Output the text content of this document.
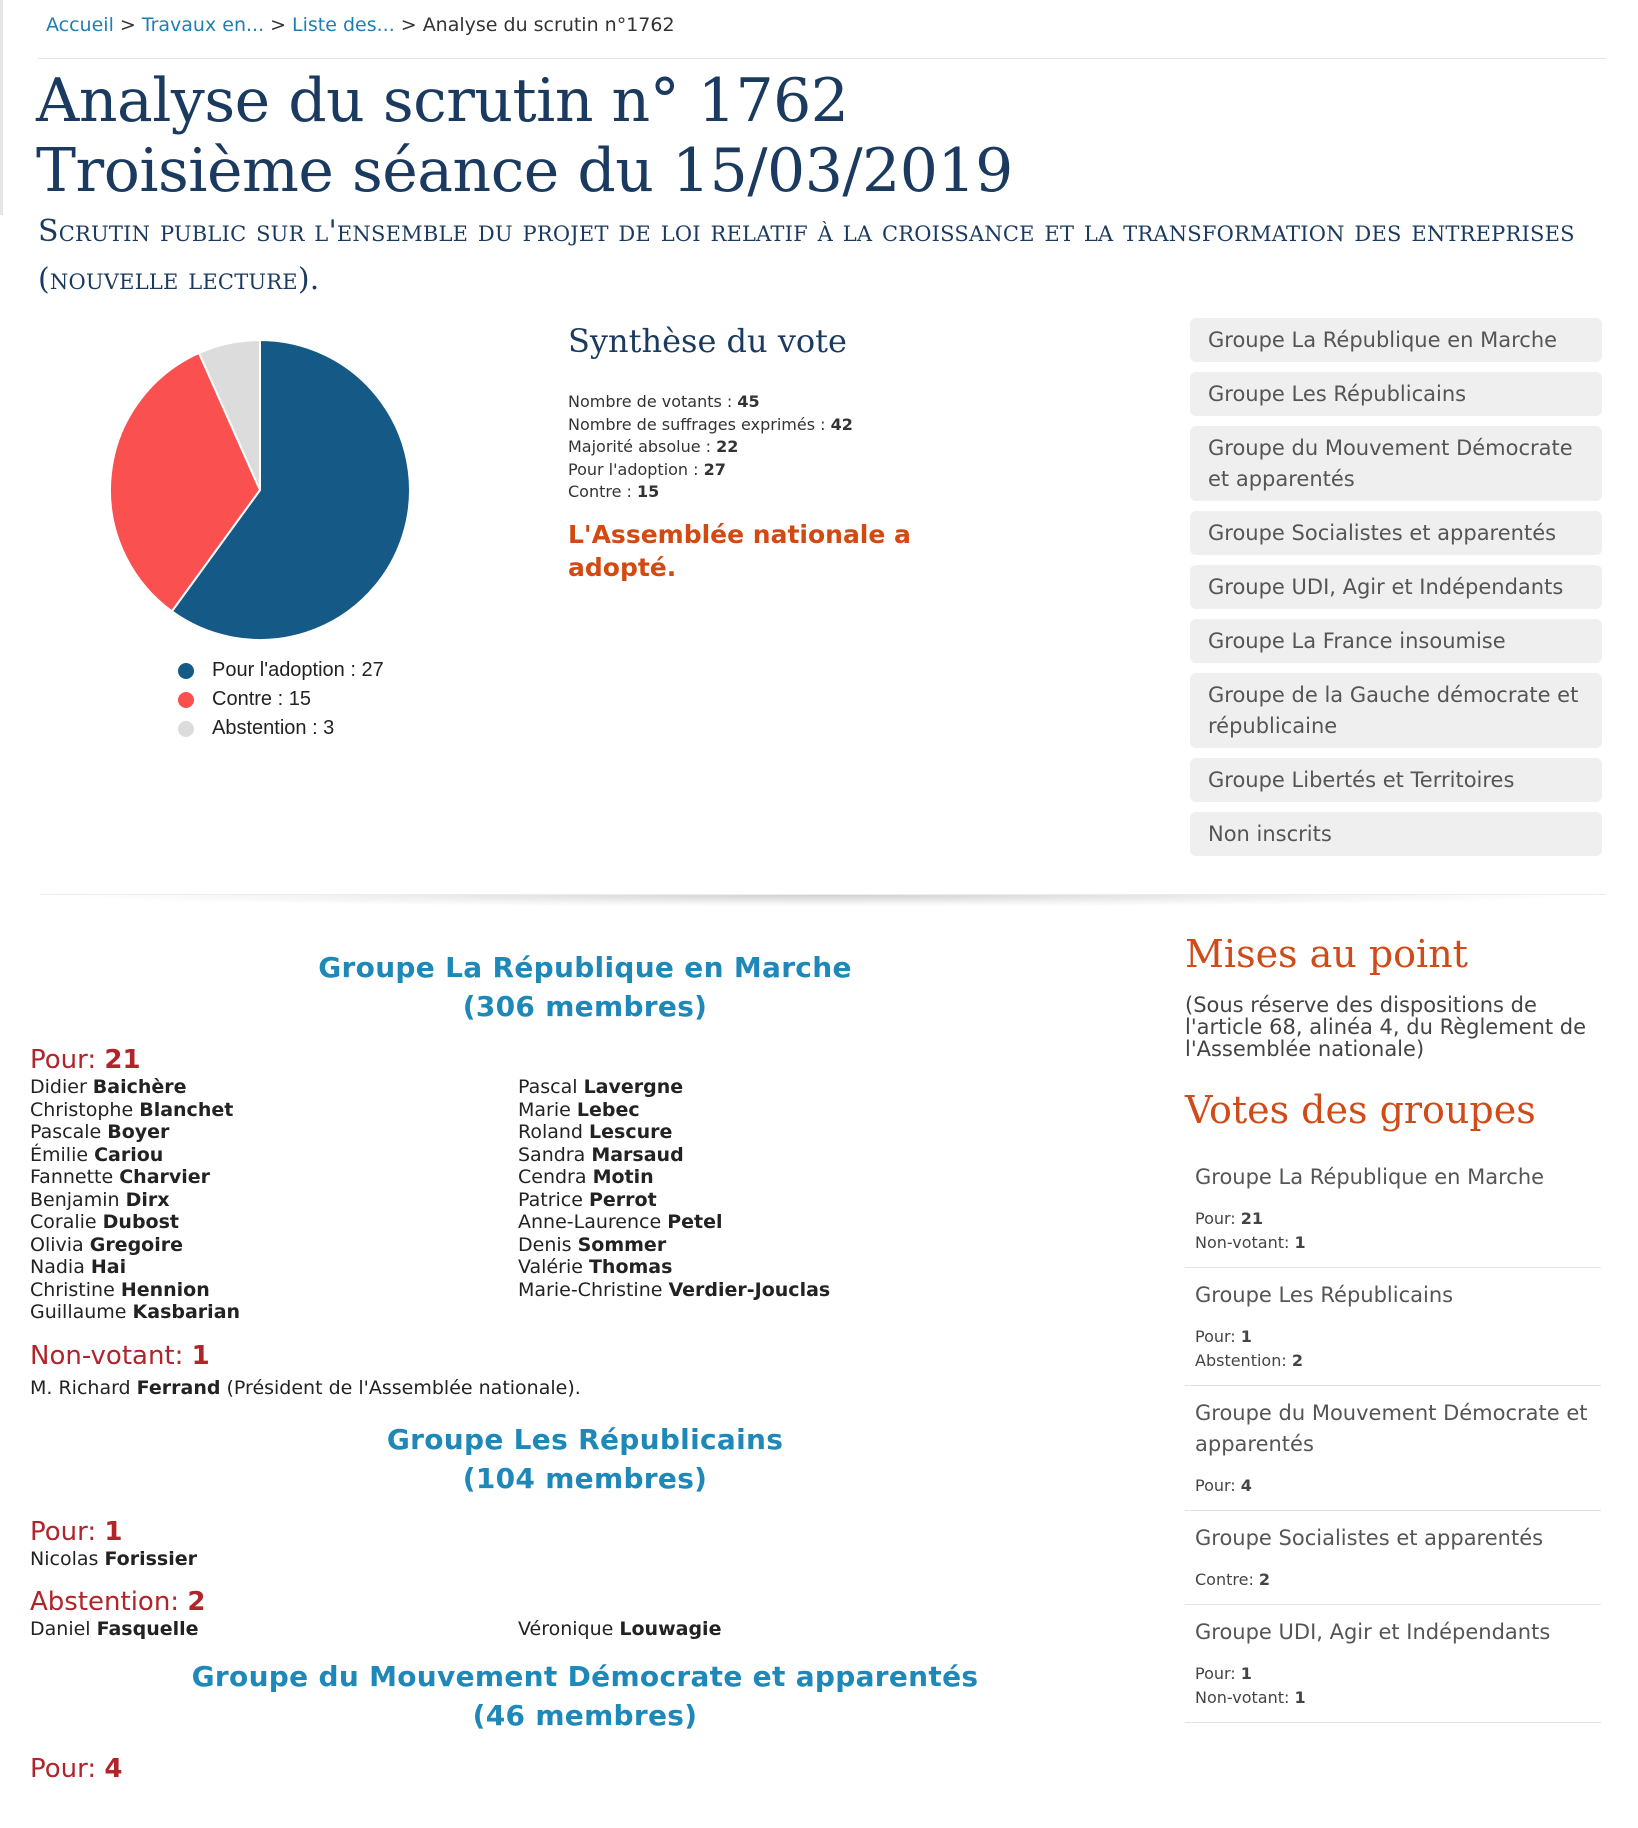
Accueil > Travaux en... > Liste des... > Analyse du scrutin n°1762
Analyse du scrutin n° 1762
Troisième séance du 15/03/2019

Scrutin public sur l'ensemble du projet de loi relatif à la croissance et la transformation des entreprises (nouvelle lecture).

Pour l'adoption : 27
Contre : 15
Abstention : 3
Synthèse du vote
Nombre de votants : 45
Nombre de suffrages exprimés : 42
Majorité absolue : 22
Pour l'adoption : 27
Contre : 15
L'Assemblée nationale a adopté.
Groupe La République en Marche
Groupe Les Républicains
Groupe du Mouvement Démocrate et apparentés
Groupe Socialistes et apparentés
Groupe UDI, Agir et Indépendants
Groupe La France insoumise
Groupe de la Gauche démocrate et républicaine
Groupe Libertés et Territoires
Non inscrits
Groupe La République en Marche
(306 membres)

Pour: 21

Didier Baichère
Christophe Blanchet
Pascale Boyer
Émilie Cariou
Fannette Charvier
Benjamin Dirx
Coralie Dubost
Olivia Gregoire
Nadia Hai
Christine Hennion
Guillaume Kasbarian
Pascal Lavergne
Marie Lebec
Roland Lescure
Sandra Marsaud
Cendra Motin
Patrice Perrot
Anne-Laurence Petel
Denis Sommer
Valérie Thomas
Marie-Christine Verdier-Jouclas

Non-votant: 1

M. Richard Ferrand (Président de l'Assemblée nationale).

Groupe Les Républicains
(104 membres)

Pour: 1

Nicolas Forissier

Abstention: 2

Daniel Fasquelle	Véronique Louwagie
Groupe du Mouvement Démocrate et apparentés
(46 membres)

Pour: 4

Mises au point

(Sous réserve des dispositions de l'article 68, alinéa 4, du Règlement de l'Assemblée nationale)

Votes des groupes
Groupe La République en Marche
Pour: 21
Non-votant: 1
Groupe Les Républicains
Pour: 1
Abstention: 2
Groupe du Mouvement Démocrate et apparentés
Pour: 4
Groupe Socialistes et apparentés
Contre: 2
Groupe UDI, Agir et Indépendants
Pour: 1
Non-votant: 1
